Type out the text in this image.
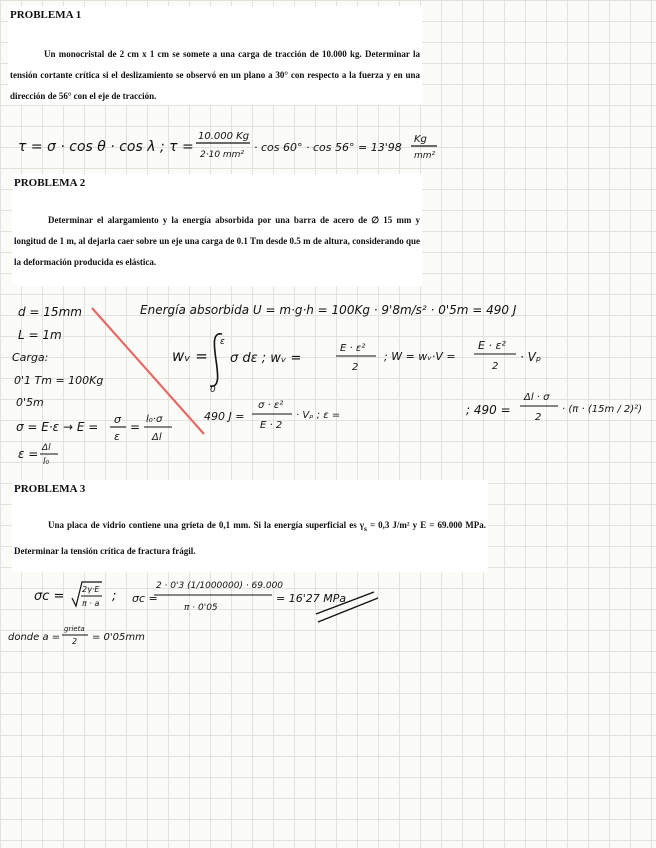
PROBLEMA 1

Un monocristal de 2 cm x 1 cm se somete a una carga de tracción de 10.000 kg. Determinar la tensión cortante crítica si el deslizamiento se observó en un plano a 30° con respecto a la fuerza y en una dirección de 56° con el eje de tracción.

PROBLEMA 2

Determinar el alargamiento y la energía absorbida por una barra de acero de ∅ 15 mm y longitud de 1 m, al dejarla caer sobre un eje una carga de 0.1 Tm desde 0.5 m de altura, considerando que la deformación producida es elástica.

PROBLEMA 3

Una placa de vidrio contiene una grieta de 0,1 mm. Si la energía superficial es $\gamma_s = 0,3$ J/m² y E = 69.000 MPa. Determinar la tensión crítica de fractura frágil.

τ = σ · cos θ · cos λ ; τ =
10.000 Kg
2·10 mm²
· cos 60° · cos 56° = 13'98
Kg
mm²
d = 15mm
L = 1m
Carga:
0'1 Tm = 100Kg
0'5m
σ = E·ε → E =
σ
ε
=
l₀·σ
Δl
ε = Δl
l₀
Energía absorbida U = m·g·h = 100Kg · 9'8m/s² · 0'5m = 490 J
wᵥ =
ε
0
σ dε ; wᵥ =
E · ε²
2
; W = wᵥ·V =
E · ε²
2
· Vₚ
490 J =
σ · ε²
E · 2
· Vₚ ; ε =	; 490 =
Δl · σ
2
· (π · (15m / 2)²)
σc = 2γ·E
π · a ; σc =
2 · 0'3 (1/1000000) · 69.000
π · 0'05
= 16'27 MPa
donde a =
grieta
2 = 0'05mm
